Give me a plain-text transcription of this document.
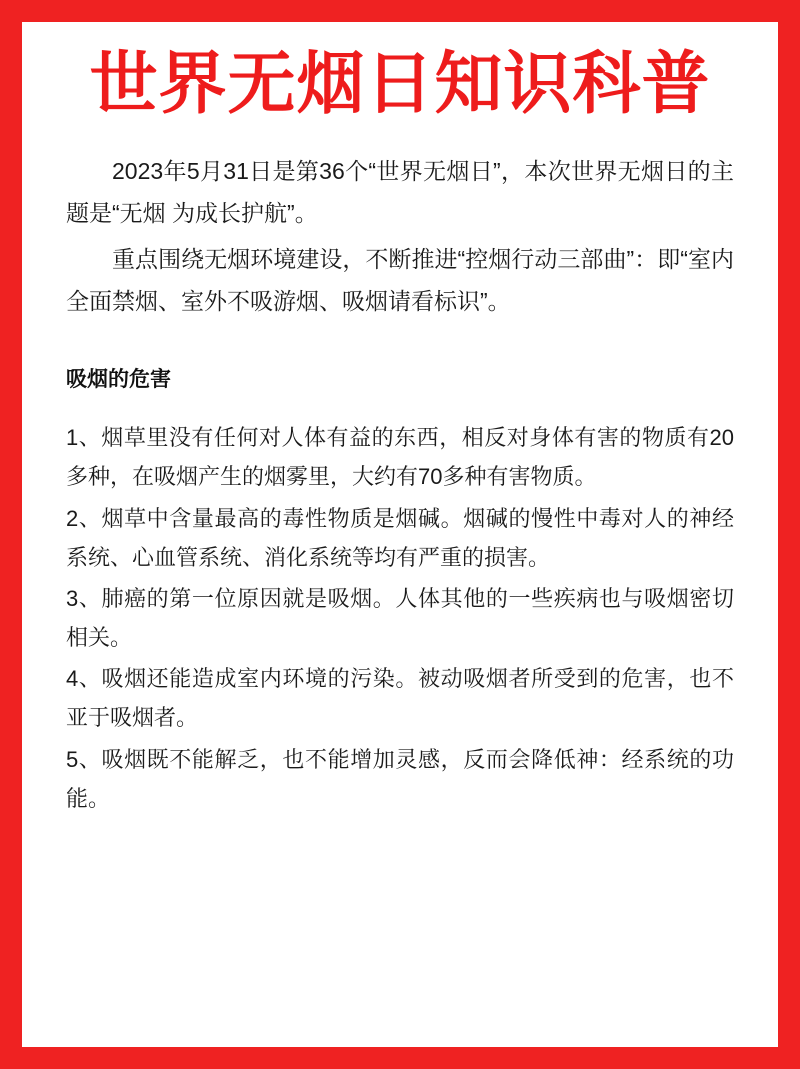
世界无烟日知识科普

2023年5月31日是第36个“世界无烟日”，本次世界无烟日的主题是“无烟 为成长护航”。

重点围绕无烟环境建设，不断推进“控烟行动三部曲”：即“室内全面禁烟、室外不吸游烟、吸烟请看标识”。

吸烟的危害
1、烟草里没有任何对人体有益的东西，相反对身体有害的物质有20多种，在吸烟产生的烟雾里，大约有70多种有害物质。
2、烟草中含量最高的毒性物质是烟碱。烟碱的慢性中毒对人的神经系统、心血管系统、消化系统等均有严重的损害。
3、肺癌的第一位原因就是吸烟。人体其他的一些疾病也与吸烟密切相关。
4、吸烟还能造成室内环境的污染。被动吸烟者所受到的危害，也不亚于吸烟者。
5、吸烟既不能解乏，也不能增加灵感，反而会降低神：经系统的功能。
